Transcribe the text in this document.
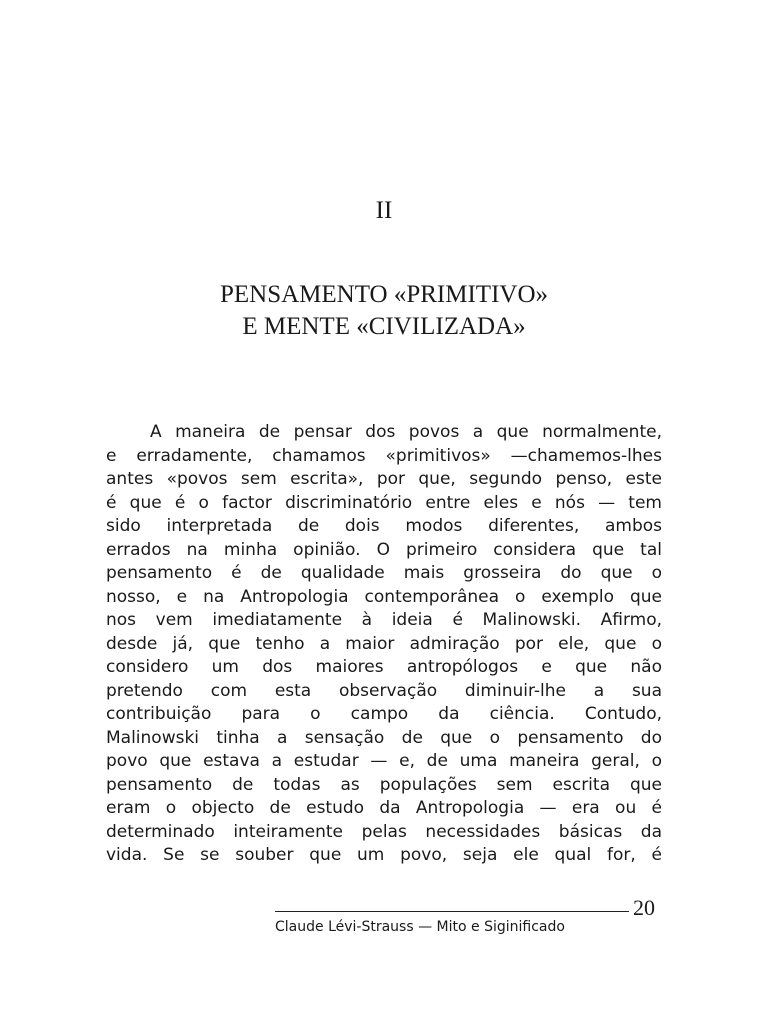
II
PENSAMENTO «PRIMITIVO»
E MENTE «CIVILIZADA»
A maneira de pensar dos povos a que normalmente,
e erradamente, chamamos «primitivos» —chamemos-lhes
antes «povos sem escrita», por que, segundo penso, este
é que é o factor discriminatório entre eles e nós — tem
sido interpretada de dois modos diferentes, ambos
errados na minha opinião. O primeiro considera que tal
pensamento é de qualidade mais grosseira do que o
nosso, e na Antropologia contemporânea o exemplo que
nos vem imediatamente à ideia é Malinowski. Afirmo,
desde já, que tenho a maior admiração por ele, que o
considero um dos maiores antropólogos e que não
pretendo com esta observação diminuir-lhe a sua
contribuição para o campo da ciência. Contudo,
Malinowski tinha a sensação de que o pensamento do
povo que estava a estudar — e, de uma maneira geral, o
pensamento de todas as populações sem escrita que
eram o objecto de estudo da Antropologia — era ou é
determinado inteiramente pelas necessidades básicas da
vida. Se se souber que um povo, seja ele qual for, é
20
Claude Lévi-Strauss — Mito e Siginificado
